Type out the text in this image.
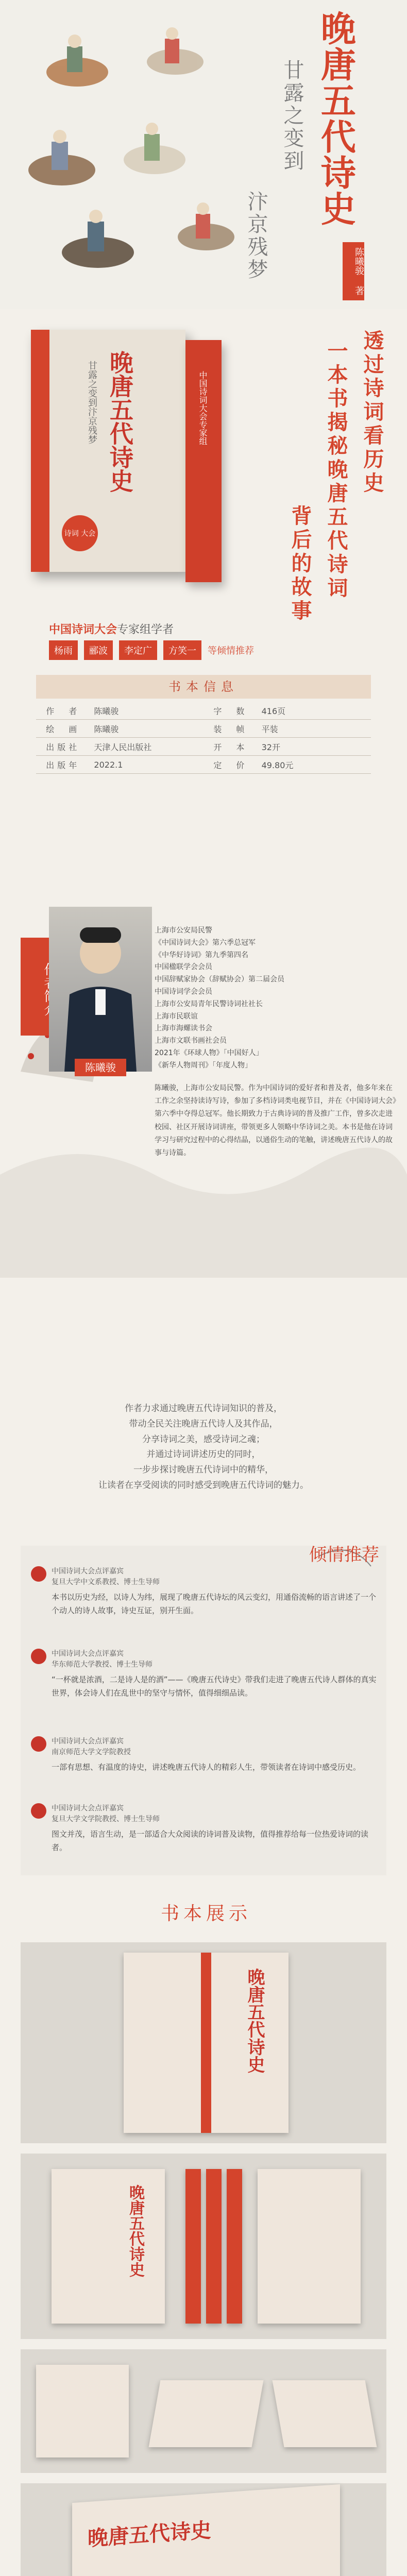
晚唐五代诗史
甘露之变到
汴京残梦	陈曦骏 著
晚唐五代诗史
甘露之变到汴京残梦
诗词 大会
中国诗词大会专家组	透过诗词看历史
一本书揭秘晚唐五代诗词
背后的故事
中国诗词大会专家组学者
杨雨	郦波	李定广	方笑一	等倾情推荐
书本信息
作　者	陈曦骏	字　数	416页
绘　画	陈曦骏	装　帧	平装
出版社	天津人民出版社	开　本	32开
出版年	2022.1	定　价	49.80元
陈曦骏
上海市公安局民警
《中国诗词大会》第六季总冠军
《中华好诗词》第九季第四名
中国楹联学会会员
中国辞赋家协会（辞赋协会）第二届会员
中国诗词学会会员
上海市公安局青年民警诗词社社长
上海市民联谊
上海市海螺读书会
上海市文联书画社会员
2021年《环球人物》「中国好人」
《新华人物周刊》「年度人物」
陈曦骏，上海市公安局民警。作为中国诗词的爱好者和普及者，他多年来在工作之余坚持读诗写诗，参加了多档诗词类电视节目，并在《中国诗词大会》第六季中夺得总冠军。他长期致力于古典诗词的普及推广工作，曾多次走进校园、社区开展诗词讲座，带领更多人领略中华诗词之美。本书是他在诗词学习与研究过程中的心得结晶，以通俗生动的笔触，讲述晚唐五代诗人的故事与诗篇。

作者力求通过晚唐五代诗词知识的普及，

带动全民关注晚唐五代诗人及其作品，

分享诗词之美，感受诗词之魂；

并通过诗词讲述历史的同时，

一步步探讨晚唐五代诗词中的精华，

让读者在享受阅读的同时感受到晚唐五代诗词的魅力。

倾情推荐
中国诗词大会点评嘉宾
复旦大学中文系教授、博士生导师
本书以历史为经，以诗人为纬，展现了晚唐五代诗坛的风云变幻，用通俗流畅的语言讲述了一个个动人的诗人故事，诗史互证，别开生面。
中国诗词大会点评嘉宾
华东师范大学教授、博士生导师
“一杯就是浓酒，二是诗人是的酒”——《晚唐五代诗史》带我们走进了晚唐五代诗人群体的真实世界，体会诗人们在乱世中的坚守与情怀，值得细细品读。
中国诗词大会点评嘉宾
南京师范大学文学院教授
一部有思想、有温度的诗史，讲述晚唐五代诗人的精彩人生，带领读者在诗词中感受历史。
中国诗词大会点评嘉宾
复旦大学文学院教授、博士生导师
图文并茂，语言生动，是一部适合大众阅读的诗词普及读物，值得推荐给每一位热爱诗词的读者。
书本展示
晚唐五代诗史
晚唐五代诗史
晚唐五代诗史
